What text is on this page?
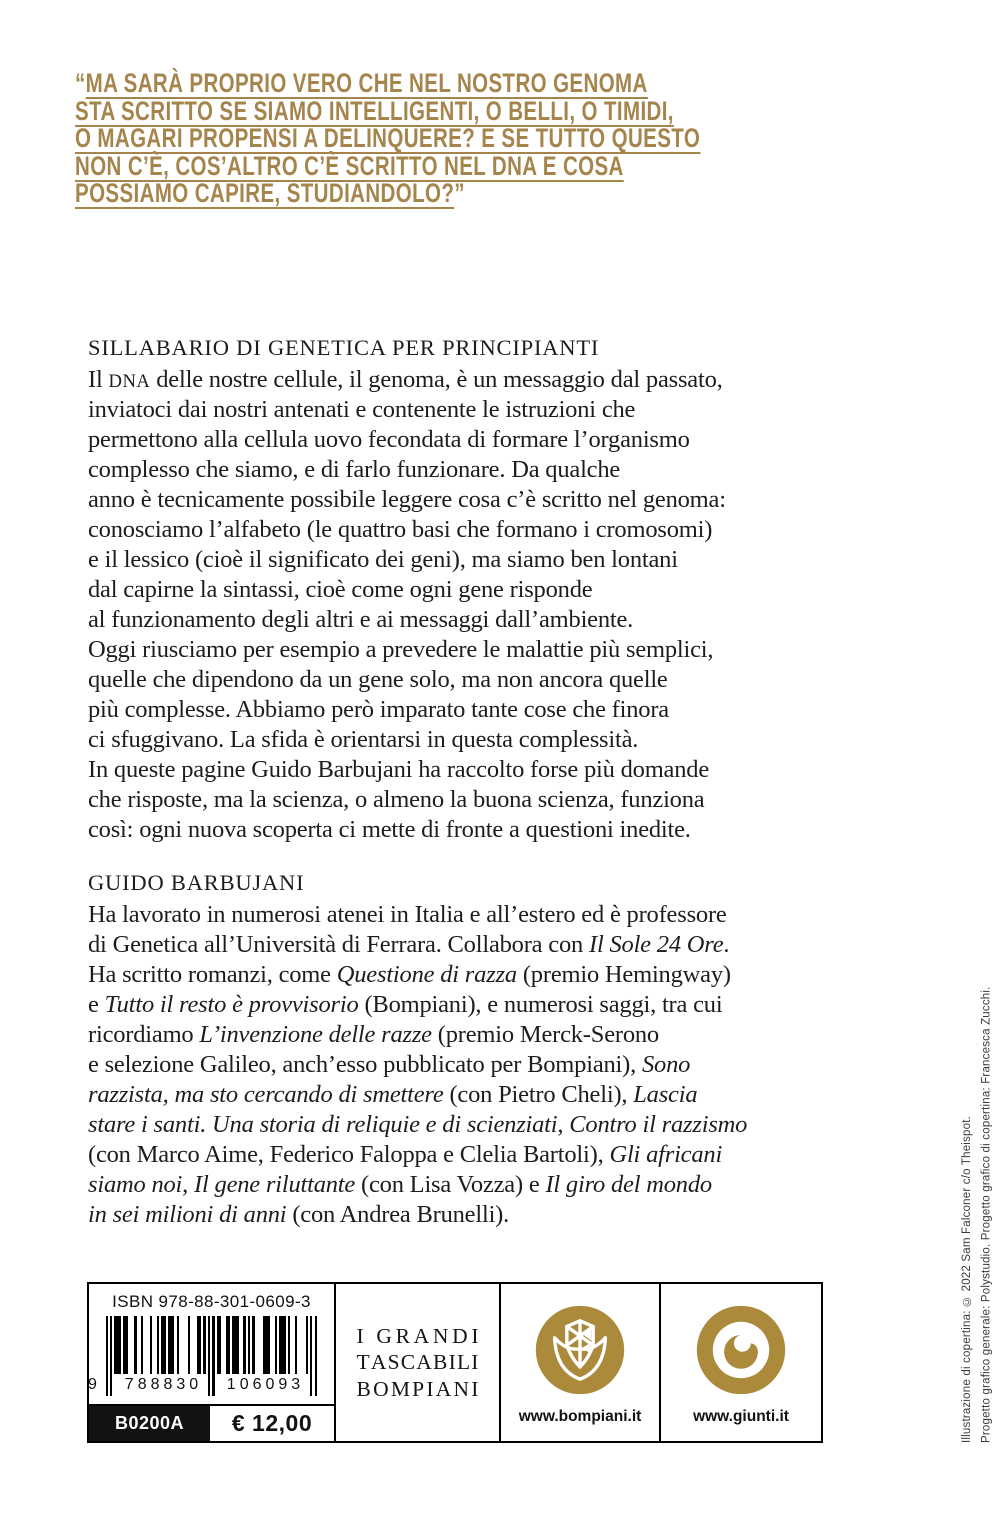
“MA SARÀ PROPRIO VERO CHE NEL NOSTRO GENOMA
STA SCRITTO SE SIAMO INTELLIGENTI, O BELLI, O TIMIDI,
O MAGARI PROPENSI A DELINQUERE? E SE TUTTO QUESTO
NON C’È, COS’ALTRO C’È SCRITTO NEL DNA E COSA
POSSIAMO CAPIRE, STUDIANDOLO?”
SILLABARIO DI GENETICA PER PRINCIPIANTI
Il DNA delle nostre cellule, il genoma, è un messaggio dal passato,
inviatoci dai nostri antenati e contenente le istruzioni che
permettono alla cellula uovo fecondata di formare l’organismo
complesso che siamo, e di farlo funzionare. Da qualche
anno è tecnicamente possibile leggere cosa c’è scritto nel genoma:
conosciamo l’alfabeto (le quattro basi che formano i cromosomi)
e il lessico (cioè il significato dei geni), ma siamo ben lontani
dal capirne la sintassi, cioè come ogni gene risponde
al funzionamento degli altri e ai messaggi dall’ambiente.
Oggi riusciamo per esempio a prevedere le malattie più semplici,
quelle che dipendono da un gene solo, ma non ancora quelle
più complesse. Abbiamo però imparato tante cose che finora
ci sfuggivano. La sfida è orientarsi in questa complessità.
In queste pagine Guido Barbujani ha raccolto forse più domande
che risposte, ma la scienza, o almeno la buona scienza, funziona
così: ogni nuova scoperta ci mette di fronte a questioni inedite.
GUIDO BARBUJANI
Ha lavorato in numerosi atenei in Italia e all’estero ed è professore
di Genetica all’Università di Ferrara. Collabora con Il Sole 24 Ore.
Ha scritto romanzi, come Questione di razza (premio Hemingway)
e Tutto il resto è provvisorio (Bompiani), e numerosi saggi, tra cui
ricordiamo L’invenzione delle razze (premio Merck-Serono
e selezione Galileo, anch’esso pubblicato per Bompiani), Sono
razzista, ma sto cercando di smettere (con Pietro Cheli), Lascia
stare i santi. Una storia di reliquie e di scienziati, Contro il razzismo
(con Marco Aime, Federico Faloppa e Clelia Bartoli), Gli africani
siamo noi, Il gene riluttante (con Lisa Vozza) e Il giro del mondo
in sei milioni di anni (con Andrea Brunelli).
ISBN 978-88-301-0609-3
9	788830	106093
B0200A	€ 12,00
I
G R A N D I
T A S C A B I L I
B O M P I A N I
www.bompiani.it	www.giunti.it	Illustrazione di copertina: © 2022 Sam Falconer c/o Theispot. Progetto grafico generale: Polystudio. Progetto grafico di copertina: Francesca Zucchi.
